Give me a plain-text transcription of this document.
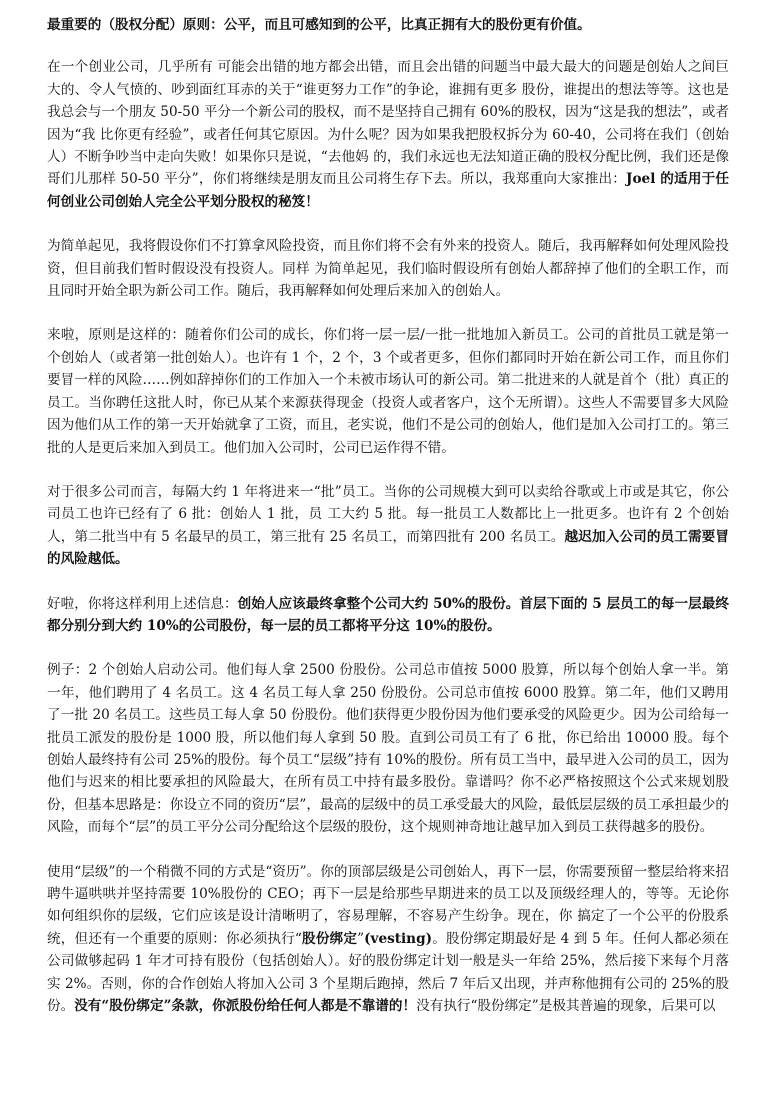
最重要的（股权分配）原则：公平，而且可感知到的公平，比真正拥有大的股份更有价值。

在一个创业公司，几乎所有 可能会出错的地方都会出错，而且会出错的问题当中最大最大的问题是创始人之间巨大的、令人气愤的、吵到面红耳赤的关于“谁更努力工作”的争论，谁拥有更多 股份，谁提出的想法等等。这也是我总会与一个朋友 50-50 平分一个新公司的股权，而不是坚持自己拥有 60%的股权，因为“这是我的想法”，或者因为“我 比你更有经验”，或者任何其它原因。为什么呢？因为如果我把股权拆分为 60-40，公司将在我们（创始人）不断争吵当中走向失败！如果你只是说，“去他妈 的，我们永远也无法知道正确的股权分配比例，我们还是像哥们儿那样 50-50 平分”，你们将继续是朋友而且公司将生存下去。所以，我郑重向大家推出：Joel 的适用于任何创业公司创始人完全公平划分股权的秘笈！

为简单起见，我将假设你们不打算拿风险投资，而且你们将不会有外来的投资人。随后，我再解释如何处理风险投资，但目前我们暂时假设没有投资人。同样 为简单起见，我们临时假设所有创始人都辞掉了他们的全职工作，而且同时开始全职为新公司工作。随后，我再解释如何处理后来加入的创始人。

来啦，原则是这样的：随着你们公司的成长，你们将一层一层/一批一批地加入新员工。公司的首批员工就是第一个创始人（或者第一批创始人）。也许有 1 个，2 个，3 个或者更多，但你们都同时开始在新公司工作，而且你们要冒一样的风险……例如辞掉你们的工作加入一个未被市场认可的新公司。第二批进来的人就是首个（批）真正的员工。当你聘任这批人时，你已从某个来源获得现金（投资人或者客户，这个无所谓）。这些人不需要冒多大风险因为他们从工作的第一天开始就拿了工资，而且，老实说，他们不是公司的创始人，他们是加入公司打工的。第三批的人是更后来加入到员工。他们加入公司时，公司已运作得不错。

对于很多公司而言，每隔大约 1 年将进来一“批”员工。当你的公司规模大到可以卖给谷歌或上市或是其它，你公司员工也许已经有了 6 批：创始人 1 批，员 工大约 5 批。每一批员工人数都比上一批更多。也许有 2 个创始人，第二批当中有 5 名最早的员工，第三批有 25 名员工，而第四批有 200 名员工。越迟加入公司的员工需要冒的风险越低。

好啦，你将这样利用上述信息：创始人应该最终拿整个公司大约 50%的股份。首层下面的 5 层员工的每一层最终都分别分到大约 10%的公司股份，每一层的员工都将平分这 10%的股份。

例子：2 个创始人启动公司。他们每人拿 2500 份股份。公司总市值按 5000 股算，所以每个创始人拿一半。第一年，他们聘用了 4 名员工。这 4 名员工每人拿 250 份股份。公司总市值按 6000 股算。第二年，他们又聘用了一批 20 名员工。这些员工每人拿 50 份股份。他们获得更少股份因为他们要承受的风险更少。因为公司给每一批员工派发的股份是 1000 股，所以他们每人拿到 50 股。直到公司员工有了 6 批，你已给出 10000 股。每个创始人最终持有公司 25%的股份。每个员工“层级”持有 10%的股份。所有员工当中，最早进入公司的员工，因为他们与迟来的相比要承担的风险最大，在所有员工中持有最多股份。靠谱吗？你不必严格按照这个公式来规划股份，但基本思路是：你设立不同的资历“层”，最高的层级中的员工承受最大的风险，最低层层级的员工承担最少的风险，而每个“层”的员工平分公司分配给这个层级的股份，这个规则神奇地让越早加入到员工获得越多的股份。

使用“层级”的一个稍微不同的方式是“资历”。你的顶部层级是公司创始人，再下一层，你需要预留一整层给将来招聘牛逼哄哄并坚持需要 10%股份的 CEO；再下一层是给那些早期进来的员工以及顶级经理人的，等等。无论你如何组织你的层级，它们应该是设计清晰明了，容易理解，不容易产生纷争。现在，你 搞定了一个公平的份股系统，但还有一个重要的原则：你必须执行“股份绑定”(vesting)。股份绑定期最好是 4 到 5 年。任何人都必须在公司做够起码 1 年才可持有股份（包括创始人）。好的股份绑定计划一般是头一年给 25%，然后接下来每个月落实 2%。否则，你的合作创始人将加入公司 3 个星期后跑掉，然后 7 年后又出现，并声称他拥有公司的 25%的股份。没有“股份绑定”条款，你派股份给任何人都是不靠谱的！没有执行“股份绑定”是极其普遍的现象，后果可以
